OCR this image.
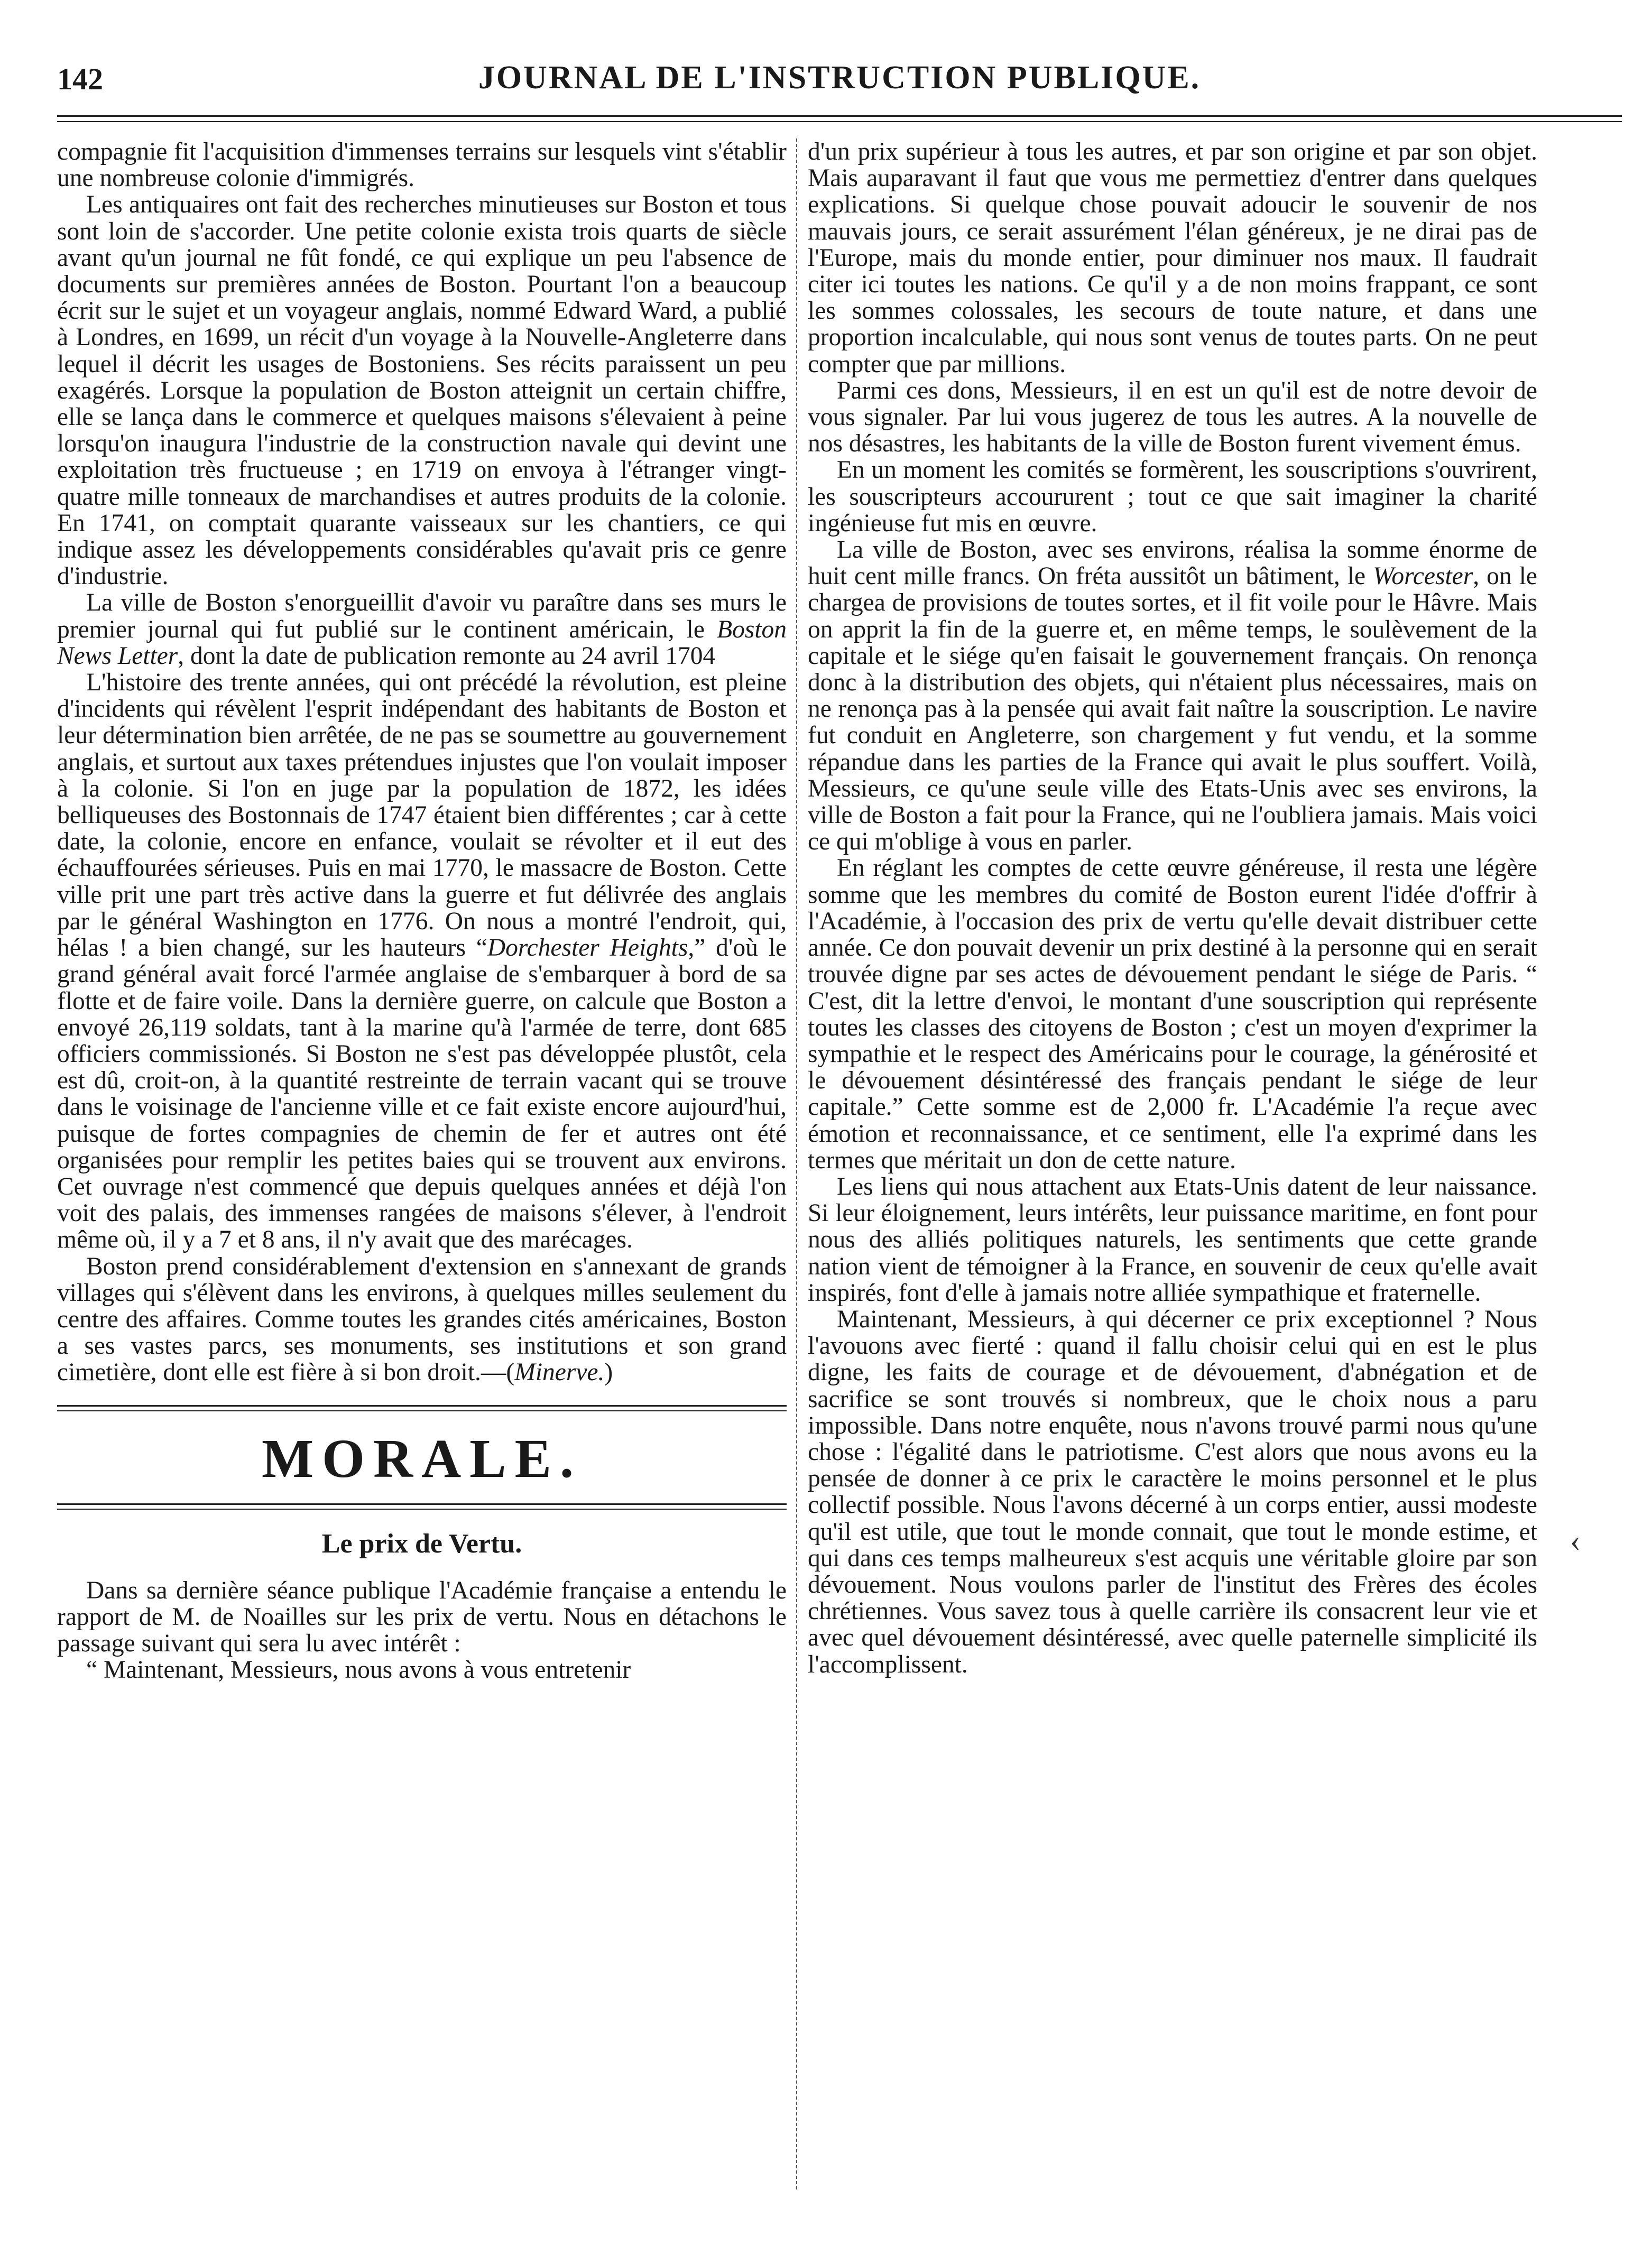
142	JOURNAL DE L'INSTRUCTION PUBLIQUE.

compagnie fit l'acquisition d'immenses terrains sur lesquels vint s'établir une nombreuse colonie d'immigrés.

Les antiquaires ont fait des recherches minutieuses sur Boston et tous sont loin de s'accorder. Une petite colonie exista trois quarts de siècle avant qu'un journal ne fût fondé, ce qui explique un peu l'absence de documents sur premières années de Boston. Pourtant l'on a beaucoup écrit sur le sujet et un voyageur anglais, nommé Edward Ward, a publié à Londres, en 1699, un récit d'un voyage à la Nouvelle-Angleterre dans lequel il décrit les usages de Bostoniens. Ses récits paraissent un peu exagérés. Lorsque la population de Boston atteignit un certain chiffre, elle se lança dans le commerce et quelques maisons s'élevaient à peine lorsqu'on inaugura l'industrie de la construction navale qui devint une exploitation très fructueuse ; en 1719 on envoya à l'étranger vingt-quatre mille tonneaux de marchandises et autres produits de la colonie. En 1741, on comptait quarante vaisseaux sur les chantiers, ce qui indique assez les développements considérables qu'avait pris ce genre d'industrie.

La ville de Boston s'enorgueillit d'avoir vu paraître dans ses murs le premier journal qui fut publié sur le continent américain, le Boston News Letter, dont la date de publication remonte au 24 avril 1704

L'histoire des trente années, qui ont précédé la révolution, est pleine d'incidents qui révèlent l'esprit indépendant des habitants de Boston et leur détermination bien arrêtée, de ne pas se soumettre au gouvernement anglais, et surtout aux taxes prétendues injustes que l'on voulait imposer à la colonie. Si l'on en juge par la population de 1872, les idées belliqueuses des Bostonnais de 1747 étaient bien différentes ; car à cette date, la colonie, encore en enfance, voulait se révolter et il eut des échauffourées sérieuses. Puis en mai 1770, le massacre de Boston. Cette ville prit une part très active dans la guerre et fut délivrée des anglais par le général Washington en 1776. On nous a montré l'endroit, qui, hélas ! a bien changé, sur les hauteurs “Dorchester Heights,” d'où le grand général avait forcé l'armée anglaise de s'embarquer à bord de sa flotte et de faire voile. Dans la dernière guerre, on calcule que Boston a envoyé 26,119 soldats, tant à la marine qu'à l'armée de terre, dont 685 officiers commissionés. Si Boston ne s'est pas développée plustôt, cela est dû, croit-on, à la quantité restreinte de terrain vacant qui se trouve dans le voisinage de l'ancienne ville et ce fait existe encore aujourd'hui, puisque de fortes compagnies de chemin de fer et autres ont été organisées pour remplir les petites baies qui se trouvent aux environs. Cet ouvrage n'est commencé que depuis quelques années et déjà l'on voit des palais, des immenses rangées de maisons s'élever, à l'endroit même où, il y a 7 et 8 ans, il n'y avait que des marécages.

Boston prend considérablement d'extension en s'annexant de grands villages qui s'élèvent dans les environs, à quelques milles seulement du centre des affaires. Comme toutes les grandes cités américaines, Boston a ses vastes parcs, ses monuments, ses institutions et son grand cimetière, dont elle est fière à si bon droit.—(Minerve.)

MORALE.
Le prix de Vertu.

Dans sa dernière séance publique l'Académie française a entendu le rapport de M. de Noailles sur les prix de vertu. Nous en détachons le passage suivant qui sera lu avec intérêt :

“ Maintenant, Messieurs, nous avons à vous entretenir

d'un prix supérieur à tous les autres, et par son origine et par son objet. Mais auparavant il faut que vous me permettiez d'entrer dans quelques explications. Si quelque chose pouvait adoucir le souvenir de nos mauvais jours, ce serait assurément l'élan généreux, je ne dirai pas de l'Europe, mais du monde entier, pour diminuer nos maux. Il faudrait citer ici toutes les nations. Ce qu'il y a de non moins frappant, ce sont les sommes colossales, les secours de toute nature, et dans une proportion incalculable, qui nous sont venus de toutes parts. On ne peut compter que par millions.

Parmi ces dons, Messieurs, il en est un qu'il est de notre devoir de vous signaler. Par lui vous jugerez de tous les autres. A la nouvelle de nos désastres, les habitants de la ville de Boston furent vivement émus.

En un moment les comités se formèrent, les souscriptions s'ouvrirent, les souscripteurs accoururent ; tout ce que sait imaginer la charité ingénieuse fut mis en œuvre.

La ville de Boston, avec ses environs, réalisa la somme énorme de huit cent mille francs. On fréta aussitôt un bâtiment, le Worcester, on le chargea de provisions de toutes sortes, et il fit voile pour le Hâvre. Mais on apprit la fin de la guerre et, en même temps, le soulèvement de la capitale et le siége qu'en faisait le gouvernement français. On renonça donc à la distribution des objets, qui n'étaient plus nécessaires, mais on ne renonça pas à la pensée qui avait fait naître la souscription. Le navire fut conduit en Angleterre, son chargement y fut vendu, et la somme répandue dans les parties de la France qui avait le plus souffert. Voilà, Messieurs, ce qu'une seule ville des Etats-Unis avec ses environs, la ville de Boston a fait pour la France, qui ne l'oubliera jamais. Mais voici ce qui m'oblige à vous en parler.

En réglant les comptes de cette œuvre généreuse, il resta une légère somme que les membres du comité de Boston eurent l'idée d'offrir à l'Académie, à l'occasion des prix de vertu qu'elle devait distribuer cette année. Ce don pouvait devenir un prix destiné à la personne qui en serait trouvée digne par ses actes de dévouement pendant le siége de Paris. “ C'est, dit la lettre d'envoi, le montant d'une souscription qui représente toutes les classes des citoyens de Boston ; c'est un moyen d'exprimer la sympathie et le respect des Américains pour le courage, la générosité et le dévouement désintéressé des français pendant le siége de leur capitale.” Cette somme est de 2,000 fr. L'Académie l'a reçue avec émotion et reconnaissance, et ce sentiment, elle l'a exprimé dans les termes que méritait un don de cette nature.

Les liens qui nous attachent aux Etats-Unis datent de leur naissance. Si leur éloignement, leurs intérêts, leur puissance maritime, en font pour nous des alliés politiques naturels, les sentiments que cette grande nation vient de témoigner à la France, en souvenir de ceux qu'elle avait inspirés, font d'elle à jamais notre alliée sympathique et fraternelle.

Maintenant, Messieurs, à qui décerner ce prix exceptionnel ? Nous l'avouons avec fierté : quand il fallu choisir celui qui en est le plus digne, les faits de courage et de dévouement, d'abnégation et de sacrifice se sont trouvés si nombreux, que le choix nous a paru impossible. Dans notre enquête, nous n'avons trouvé parmi nous qu'une chose : l'égalité dans le patriotisme. C'est alors que nous avons eu la pensée de donner à ce prix le caractère le moins personnel et le plus collectif possible. Nous l'avons décerné à un corps entier, aussi modeste qu'il est utile, que tout le monde connait, que tout le monde estime, et qui dans ces temps malheureux s'est acquis une véritable gloire par son dévouement. Nous voulons parler de l'institut des Frères des écoles chrétiennes. Vous savez tous à quelle carrière ils consacrent leur vie et avec quel dévouement désintéressé, avec quelle paternelle simplicité ils l'accomplissent.

‹
